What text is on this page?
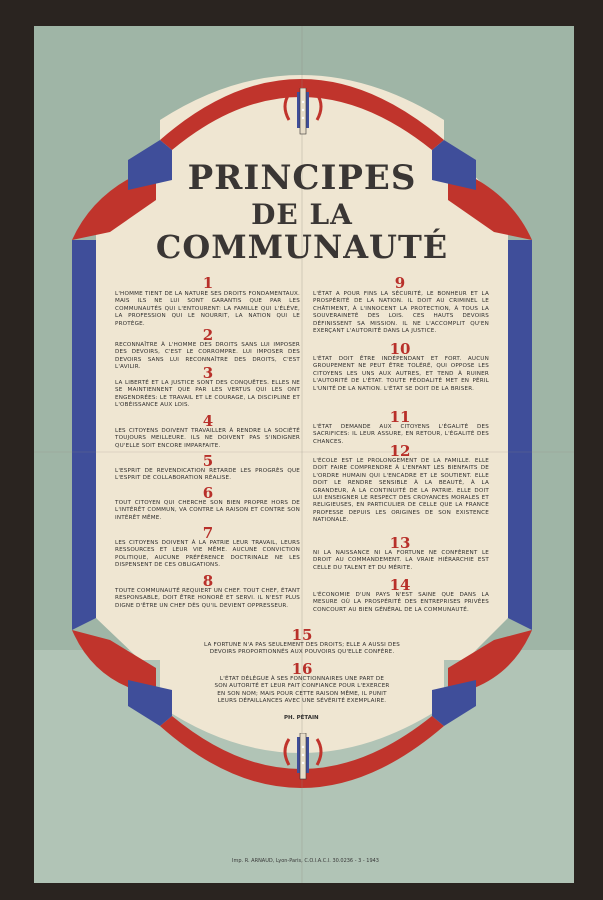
PRINCIPES
DE LA
COMMUNAUTÉ
1
L'HOMME TIENT DE LA NATURE SES DROITS FONDAMENTAUX. MAIS ILS NE LUI SONT GARANTIS QUE PAR LES COMMUNAUTÉS QUI L'ENTOURENT: LA FAMILLE QUI L'ÉLÈVE, LA PROFESSION QUI LE NOURRIT, LA NATION QUI LE PROTÈGE.
2
RECONNAÎTRE À L'HOMME DES DROITS SANS LUI IMPOSER DES DEVOIRS, C'EST LE CORROMPRE. LUI IMPOSER DES DEVOIRS SANS LUI RECONNAÎTRE DES DROITS, C'EST L'AVILIR.	3
LA LIBERTÉ ET LA JUSTICE SONT DES CONQUÊTES. ELLES NE SE MAINTIENNENT QUE PAR LES VERTUS QUI LES ONT ENGENDRÉES: LE TRAVAIL ET LE COURAGE, LA DISCIPLINE ET L'OBÉISSANCE AUX LOIS.
4
LES CITOYENS DOIVENT TRAVAILLER À RENDRE LA SOCIÉTÉ TOUJOURS MEILLEURE. ILS NE DOIVENT PAS S'INDIGNER QU'ELLE SOIT ENCORE IMPARFAITE.
5
L'ESPRIT DE REVENDICATION RETARDE LES PROGRÈS QUE L'ESPRIT DE COLLABORATION RÉALISE.
6
TOUT CITOYEN QUI CHERCHE SON BIEN PROPRE HORS DE L'INTÉRÊT COMMUN, VA CONTRE LA RAISON ET CONTRE SON INTÉRÊT MÊME.
7
LES CITOYENS DOIVENT À LA PATRIE LEUR TRAVAIL, LEURS RESSOURCES ET LEUR VIE MÊME. AUCUNE CONVICTION POLITIQUE, AUCUNE PRÉFÉRENCE DOCTRINALE NE LES DISPENSENT DE CES OBLIGATIONS.
8
TOUTE COMMUNAUTÉ REQUIERT UN CHEF. TOUT CHEF, ÉTANT RESPONSABLE, DOIT ÊTRE HONORÉ ET SERVI. IL N'EST PLUS DIGNE D'ÊTRE UN CHEF DÈS QU'IL DEVIENT OPPRESSEUR.
9
L'ÉTAT A POUR FINS LA SÉCURITÉ, LE BONHEUR ET LA PROSPÉRITÉ DE LA NATION. IL DOIT AU CRIMINEL LE CHÂTIMENT, À L'INNOCENT LA PROTECTION, À TOUS LA SOUVERAINETÉ DES LOIS. CES HAUTS DEVOIRS DÉFINISSENT SA MISSION. IL NE L'ACCOMPLIT QU'EN EXERÇANT L'AUTORITÉ DANS LA JUSTICE.
10
L'ÉTAT DOIT ÊTRE INDÉPENDANT ET FORT. AUCUN GROUPEMENT NE PEUT ÊTRE TOLÉRÉ, QUI OPPOSE LES CITOYENS LES UNS AUX AUTRES, ET TEND À RUINER L'AUTORITÉ DE L'ÉTAT. TOUTE FÉODALITÉ MET EN PÉRIL L'UNITÉ DE LA NATION. L'ÉTAT SE DOIT DE LA BRISER.
11
L'ÉTAT DEMANDE AUX CITOYENS L'ÉGALITÉ DES SACRIFICES: IL LEUR ASSURE, EN RETOUR, L'ÉGALITÉ DES CHANCES.
12
L'ÉCOLE EST LE PROLONGEMENT DE LA FAMILLE. ELLE DOIT FAIRE COMPRENDRE À L'ENFANT LES BIENFAITS DE L'ORDRE HUMAIN QUI L'ENCADRE ET LE SOUTIENT. ELLE DOIT LE RENDRE SENSIBLE À LA BEAUTÉ, À LA GRANDEUR, À LA CONTINUITÉ DE LA PATRIE. ELLE DOIT LUI ENSEIGNER LE RESPECT DES CROYANCES MORALES ET RELIGIEUSES, EN PARTICULIER DE CELLE QUE LA FRANCE PROFESSE DEPUIS LES ORIGINES DE SON EXISTENCE NATIONALE.
13
NI LA NAISSANCE NI LA FORTUNE NE CONFÈRENT LE DROIT AU COMMANDEMENT. LA VRAIE HIÉRARCHIE EST CELLE DU TALENT ET DU MÉRITE.
14
L'ÉCONOMIE D'UN PAYS N'EST SAINE QUE DANS LA MESURE OÙ LA PROSPÉRITÉ DES ENTREPRISES PRIVÉES CONCOURT AU BIEN GÉNÉRAL DE LA COMMUNAUTÉ.
15
LA FORTUNE N'A PAS SEULEMENT DES DROITS; ELLE A AUSSI DES DEVOIRS PROPORTIONNÉS AUX POUVOIRS QU'ELLE CONFÈRE.
16
L'ÉTAT DÉLÈGUE À SES FONCTIONNAIRES UNE PART DE SON AUTORITÉ ET LEUR FAIT CONFIANCE POUR L'EXERCER EN SON NOM; MAIS POUR CETTE RAISON MÊME, IL PUNIT LEURS DÉFAILLANCES AVEC UNE SÉVÉRITÉ EXEMPLAIRE.
PH. PÉTAIN
Imp. R. ARNAUD, Lyon-Paris, C.O.I.A.C.I. 30.0236 - 3 - 1943
